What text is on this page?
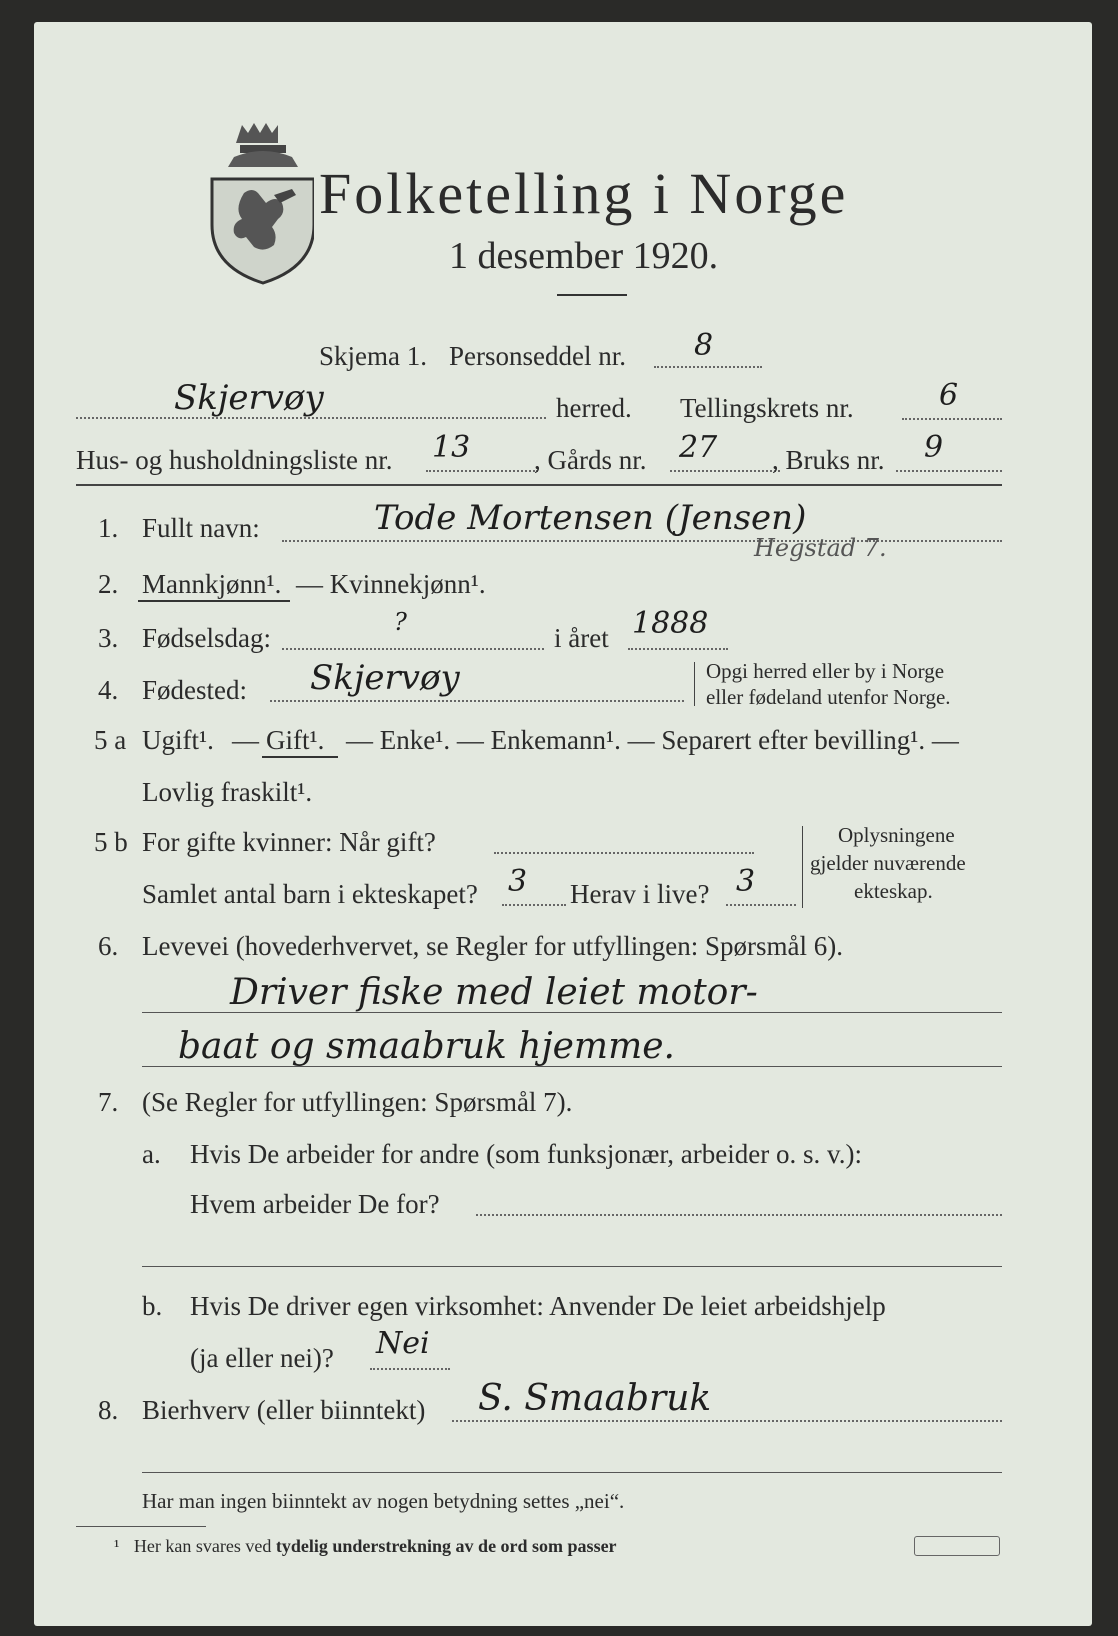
Folketelling i Norge
1 desember 1920.
Skjema 1. Personseddel nr. 8
Skjervøy	herred. Tellingskrets nr.	6
Hus- og husholdningsliste nr. 13 , Gårds nr. 27 , Bruks nr. 9
1. Fullt navn:	Tode Mortensen (Jensen)
2. Mannkjønn¹. — Kvinnekjønn¹.
Hegstad 7.
3. Fødselsdag:
?
i året 1888
4. Fødested: Skjervøy	Opgi herred eller by i Norge
eller fødeland utenfor Norge.
5 a Ugift¹. — Gift¹. — Enke¹. — Enkemann¹. — Separert efter bevilling¹. —
Lovlig fraskilt¹.
5 b For gifte kvinner: Når gift?
Samlet antal barn i ekteskapet? 3 Herav i live? 3
Oplysningene
gjelder nuværende
ekteskap.
6. Levevei (hovederhvervet, se Regler for utfyllingen: Spørsmål 6).
Driver fiske med leiet motor-
baat og smaabruk hjemme.
7. (Se Regler for utfyllingen: Spørsmål 7).
a. Hvis De arbeider for andre (som funksjonær, arbeider o. s. v.):
Hvem arbeider De for?
b. Hvis De driver egen virksomhet: Anvender De leiet arbeidshjelp
(ja eller nei)? Nei
8. Bierhverv (eller biinntekt) S. Smaabruk
Har man ingen biinntekt av nogen betydning settes „nei“.
¹ Her kan svares ved tydelig understrekning av de ord som passer
